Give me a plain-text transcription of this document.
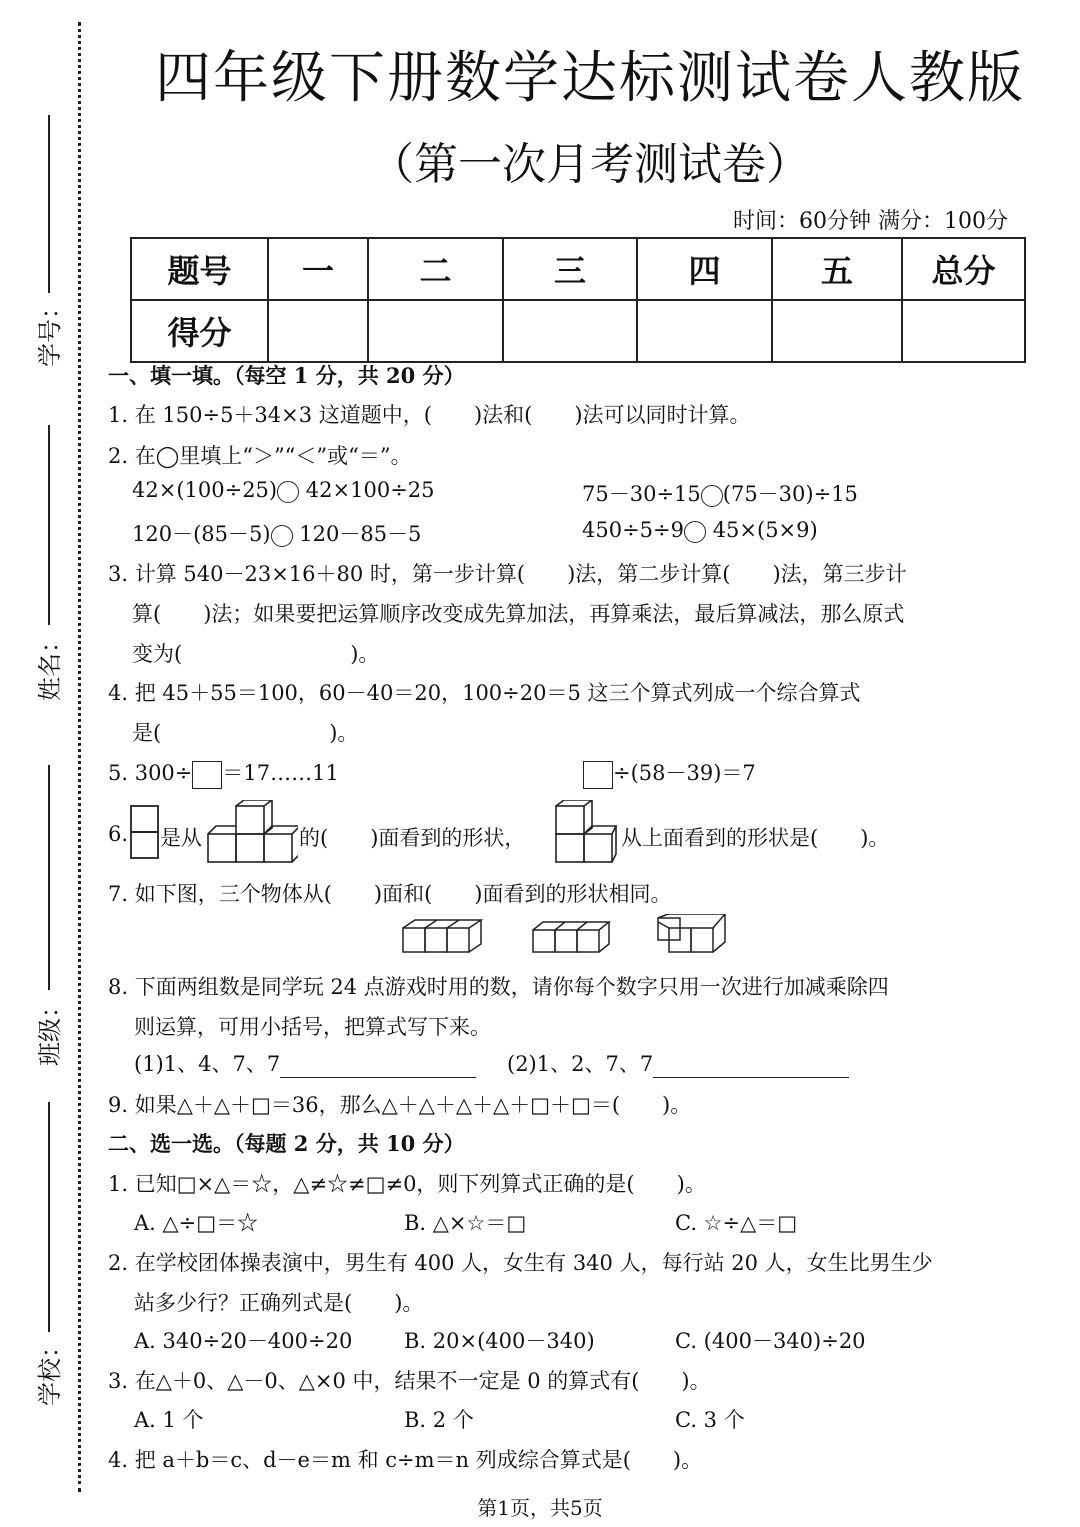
学号：
姓名：
班级：
学校：
四年级下册数学达标测试卷人教版
（第一次月考测试卷）
时间：60分钟 满分：100分
题号	一	二	三	四	五	总分
得分						
一、填一填。（每空 1 分，共 20 分）
1. 在 150÷5＋34×3 这道题中，(　　)法和(　　)法可以同时计算。
2. 在◯里填上“＞”“＜”或“＝”。
42×(100÷25) 42×100÷25	75－30÷15 (75－30)÷15
120－(85－5) 120－85－5	450÷5÷9 45×(5×9)
3. 计算 540－23×16＋80 时，第一步计算(　　)法，第二步计算(　　)法，第三步计
算(　　)法；如果要把运算顺序改变成先算加法，再算乘法，最后算减法，那么原式
变为(　　　　　　　　)。
4. 把 45＋55＝100，60－40＝20，100÷20＝5 这三个算式列成一个综合算式
是(　　　　　　　　)。
5. 300÷ ＝17……11	÷(58－39)＝7
6. 是从	的(　　)面看到的形状，	从上面看到的形状是(　　)。
7. 如下图，三个物体从(　　)面和(　　)面看到的形状相同。
8. 下面两组数是同学玩 24 点游戏时用的数，请你每个数字只用一次进行加减乘除四
则运算，可用小括号，把算式写下来。
(1)1、4、7、7	(2)1、2、7、7
9. 如果△＋△＋□＝36，那么△＋△＋△＋△＋□＋□＝(　　)。
二、选一选。（每题 2 分，共 10 分）
1. 已知□×△＝☆，△≠☆≠□≠0，则下列算式正确的是(　　)。
A. △÷□＝☆	B. △×☆＝□	C. ☆÷△＝□
2. 在学校团体操表演中，男生有 400 人，女生有 340 人，每行站 20 人，女生比男生少
站多少行？正确列式是(　　)。
A. 340÷20－400÷20 B. 20×(400－340)	C. (400－340)÷20
3. 在△＋0、△－0、△×0 中，结果不一定是 0 的算式有(　　)。
A. 1 个	B. 2 个	C. 3 个
4. 把 a＋b＝c、d－e＝m 和 c÷m＝n 列成综合算式是(　　)。
第1页，共5页
